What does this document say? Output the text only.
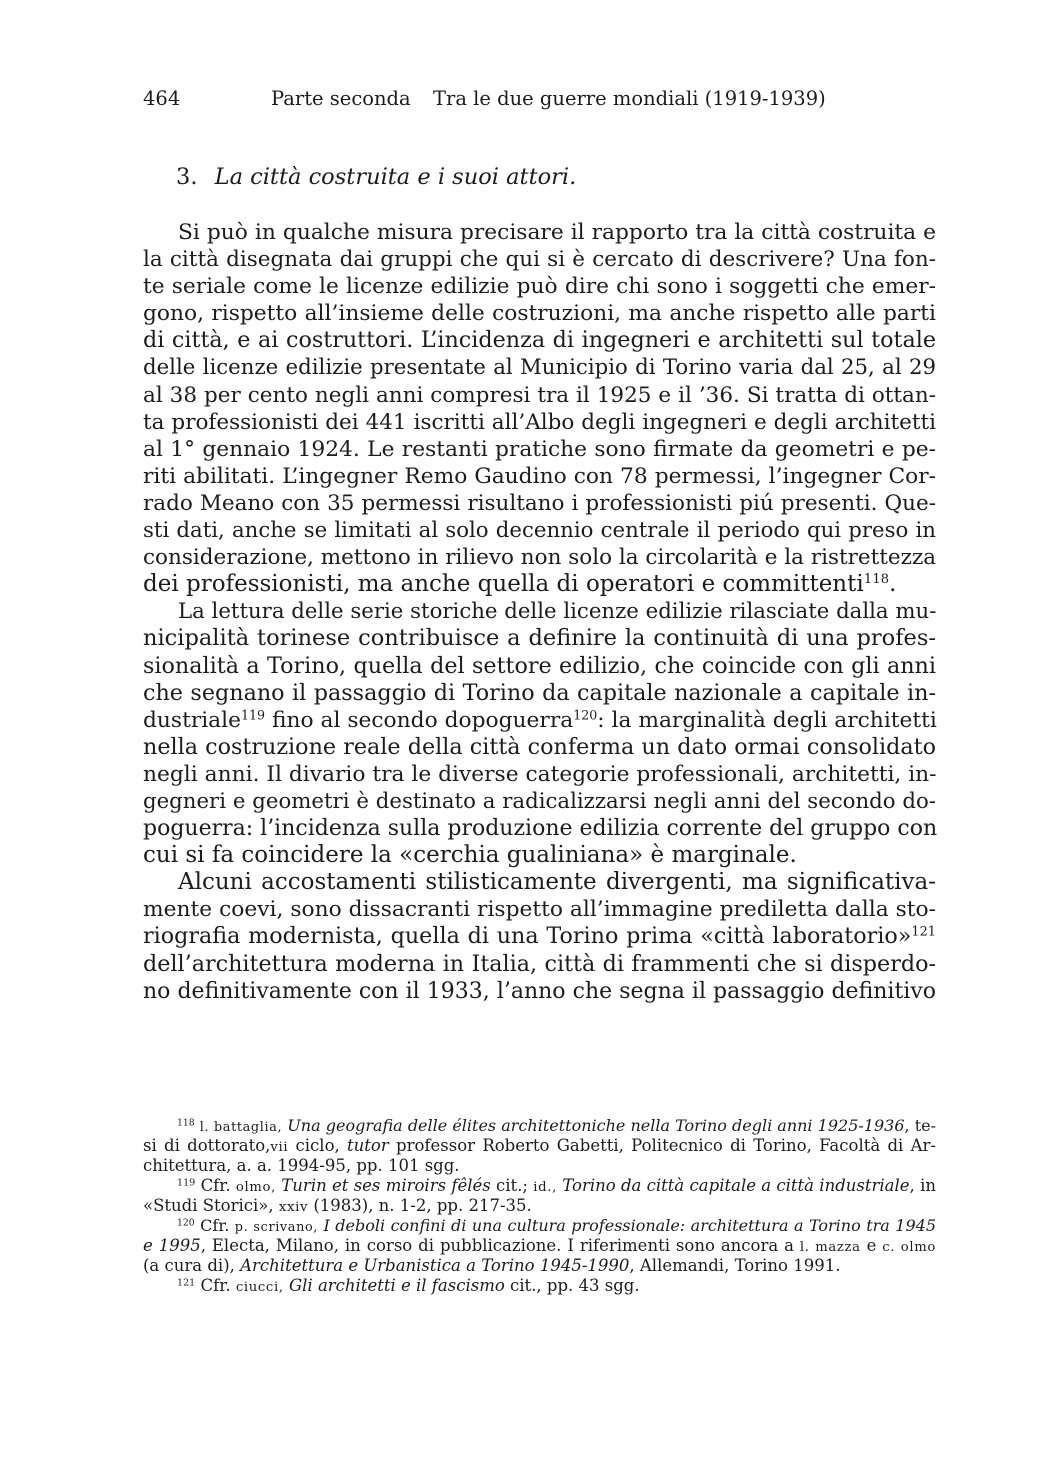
464	Parte seconda Tra le due guerre mondiali (1919-1939)
3. La città costruita e i suoi attori.
Si può in qualche misura precisare il rapporto tra la città costruita e
la città disegnata dai gruppi che qui si è cercato di descrivere? Una fon-
te seriale come le licenze edilizie può dire chi sono i soggetti che emer-
gono, rispetto all’insieme delle costruzioni, ma anche rispetto alle parti
di città, e ai costruttori. L’incidenza di ingegneri e architetti sul totale
delle licenze edilizie presentate al Municipio di Torino varia dal 25, al 29
al 38 per cento negli anni compresi tra il 1925 e il ’36. Si tratta di ottan-
ta professionisti dei 441 iscritti all’Albo degli ingegneri e degli architetti
al 1° gennaio 1924. Le restanti pratiche sono firmate da geometri e pe-
riti abilitati. L’ingegner Remo Gaudino con 78 permessi, l’ingegner Cor-
rado Meano con 35 permessi risultano i professionisti piú presenti. Que-
sti dati, anche se limitati al solo decennio centrale il periodo qui preso in
considerazione, mettono in rilievo non solo la circolarità e la ristrettezza
dei professionisti, ma anche quella di operatori e committenti$^{118}$.
La lettura delle serie storiche delle licenze edilizie rilasciate dalla mu-
nicipalità torinese contribuisce a definire la continuità di una profes-
sionalità a Torino, quella del settore edilizio, che coincide con gli anni
che segnano il passaggio di Torino da capitale nazionale a capitale in-
dustriale$^{119}$ fino al secondo dopoguerra$^{120}$: la marginalità degli architetti
nella costruzione reale della città conferma un dato ormai consolidato
negli anni. Il divario tra le diverse categorie professionali, architetti, in-
gegneri e geometri è destinato a radicalizzarsi negli anni del secondo do-
poguerra: l’incidenza sulla produzione edilizia corrente del gruppo con
cui si fa coincidere la «cerchia gualiniana» è marginale.
Alcuni accostamenti stilisticamente divergenti, ma significativa-
mente coevi, sono dissacranti rispetto all’immagine prediletta dalla sto-
riografia modernista, quella di una Torino prima «città laboratorio»$^{121}$
dell’architettura moderna in Italia, città di frammenti che si disperdo-
no definitivamente con il 1933, l’anno che segna il passaggio definitivo
$^{118}$ l. battaglia, Una geografia delle élites architettoniche nella Torino degli anni 1925-1936, te-
si di dottorato,vii ciclo, tutor professor Roberto Gabetti, Politecnico di Torino, Facoltà di Ar-
chitettura, a. a. 1994-95, pp. 101 sgg.
$^{119}$ Cfr. olmo, Turin et ses miroirs fêlés cit.; id., Torino da città capitale a città industriale, in
«Studi Storici», xxiv (1983), n. 1-2, pp. 217-35.
$^{120}$ Cfr. p. scrivano, I deboli confini di una cultura professionale: architettura a Torino tra 1945
e 1995, Electa, Milano, in corso di pubblicazione. I riferimenti sono ancora a l. mazza e c. olmo
(a cura di), Architettura e Urbanistica a Torino 1945-1990, Allemandi, Torino 1991.
$^{121}$ Cfr. ciucci, Gli architetti e il fascismo cit., pp. 43 sgg.
